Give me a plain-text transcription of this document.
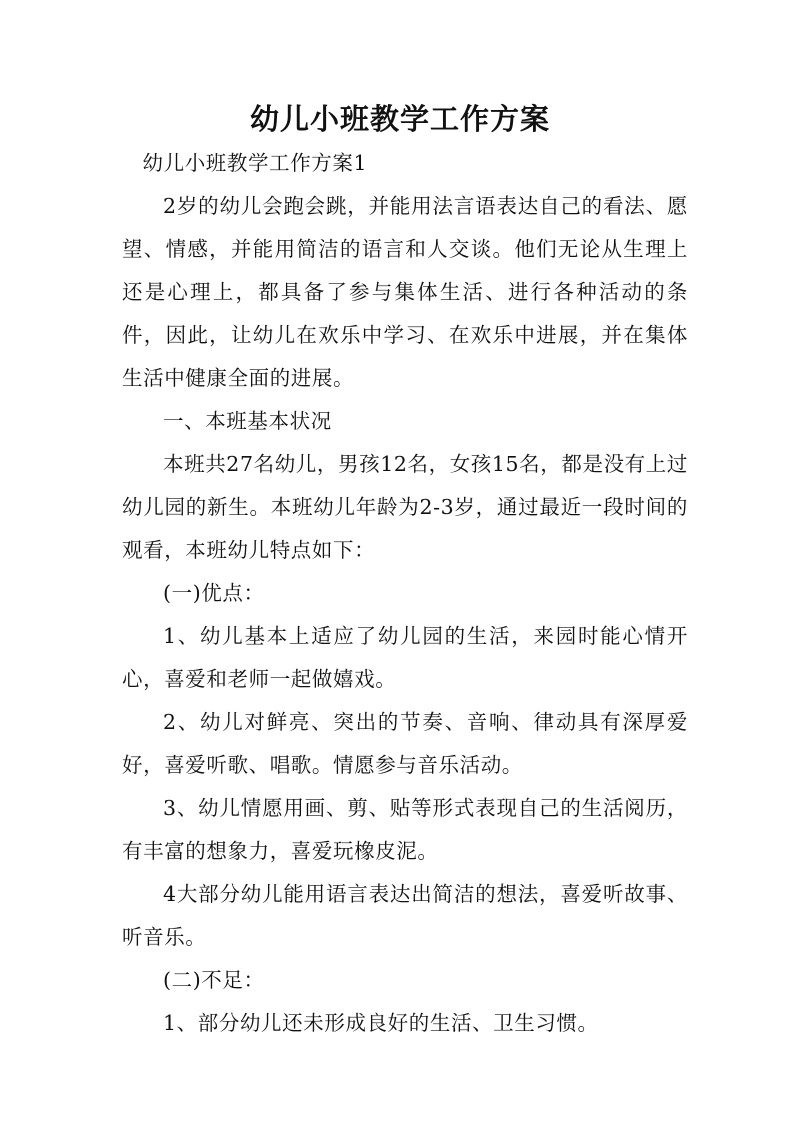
幼儿小班教学工作方案

幼儿小班教学工作方案1

2岁的幼儿会跑会跳，并能用法言语表达自己的看法、愿望、情感，并能用简洁的语言和人交谈。他们无论从生理上还是心理上，都具备了参与集体生活、进行各种活动的条件，因此，让幼儿在欢乐中学习、在欢乐中进展，并在集体生活中健康全面的进展。

一、本班基本状况

本班共27名幼儿，男孩12名，女孩15名，都是没有上过幼儿园的新生。本班幼儿年龄为2-3岁，通过最近一段时间的观看，本班幼儿特点如下：

(一)优点：

1、幼儿基本上适应了幼儿园的生活，来园时能心情开心，喜爱和老师一起做嬉戏。

2、幼儿对鲜亮、突出的节奏、音响、律动具有深厚爱好，喜爱听歌、唱歌。情愿参与音乐活动。

3、幼儿情愿用画、剪、贴等形式表现自己的生活阅历，有丰富的想象力，喜爱玩橡皮泥。

4大部分幼儿能用语言表达出简洁的想法，喜爱听故事、听音乐。

(二)不足：

1、部分幼儿还未形成良好的生活、卫生习惯。
